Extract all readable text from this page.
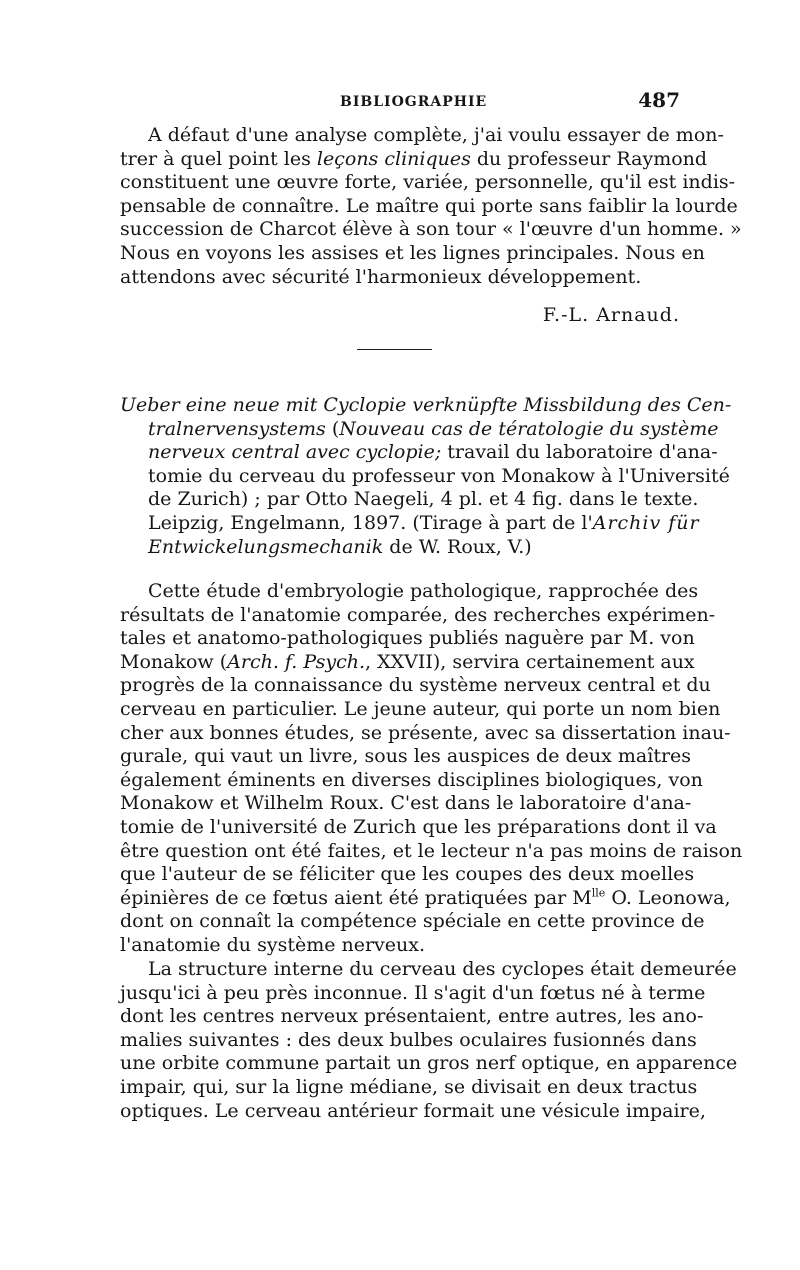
BIBLIOGRAPHIE	487
A défaut d'une analyse complète, j'ai voulu essayer de mon-
trer à quel point les leçons cliniques du professeur Raymond
constituent une œuvre forte, variée, personnelle, qu'il est indis-
pensable de connaître. Le maître qui porte sans faiblir la lourde
succession de Charcot élève à son tour « l'œuvre d'un homme. »
Nous en voyons les assises et les lignes principales. Nous en
attendons avec sécurité l'harmonieux développement.
F.-L. Arnaud.
Ueber eine neue mit Cyclopie verknüpfte Missbildung des Cen-
tralnervensystems (Nouveau cas de tératologie du système
nerveux central avec cyclopie; travail du laboratoire d'ana-
tomie du cerveau du professeur von Monakow à l'Université
de Zurich) ; par Otto Naegeli, 4 pl. et 4 fig. dans le texte.
Leipzig, Engelmann, 1897. (Tirage à part de l'Archiv für
Entwickelungsmechanik de W. Roux, V.)
Cette étude d'embryologie pathologique, rapprochée des
résultats de l'anatomie comparée, des recherches expérimen-
tales et anatomo-pathologiques publiés naguère par M. von
Monakow (Arch. f. Psych., XXVII), servira certainement aux
progrès de la connaissance du système nerveux central et du
cerveau en particulier. Le jeune auteur, qui porte un nom bien
cher aux bonnes études, se présente, avec sa dissertation inau-
gurale, qui vaut un livre, sous les auspices de deux maîtres
également éminents en diverses disciplines biologiques, von
Monakow et Wilhelm Roux. C'est dans le laboratoire d'ana-
tomie de l'université de Zurich que les préparations dont il va
être question ont été faites, et le lecteur n'a pas moins de raison
que l'auteur de se féliciter que les coupes des deux moelles
épinières de ce fœtus aient été pratiquées par $M^{lle}$ O. Leonowa,
dont on connaît la compétence spéciale en cette province de
l'anatomie du système nerveux.
La structure interne du cerveau des cyclopes était demeurée
jusqu'ici à peu près inconnue. Il s'agit d'un fœtus né à terme
dont les centres nerveux présentaient, entre autres, les ano-
malies suivantes : des deux bulbes oculaires fusionnés dans
une orbite commune partait un gros nerf optique, en apparence
impair, qui, sur la ligne médiane, se divisait en deux tractus
optiques. Le cerveau antérieur formait une vésicule impaire,
